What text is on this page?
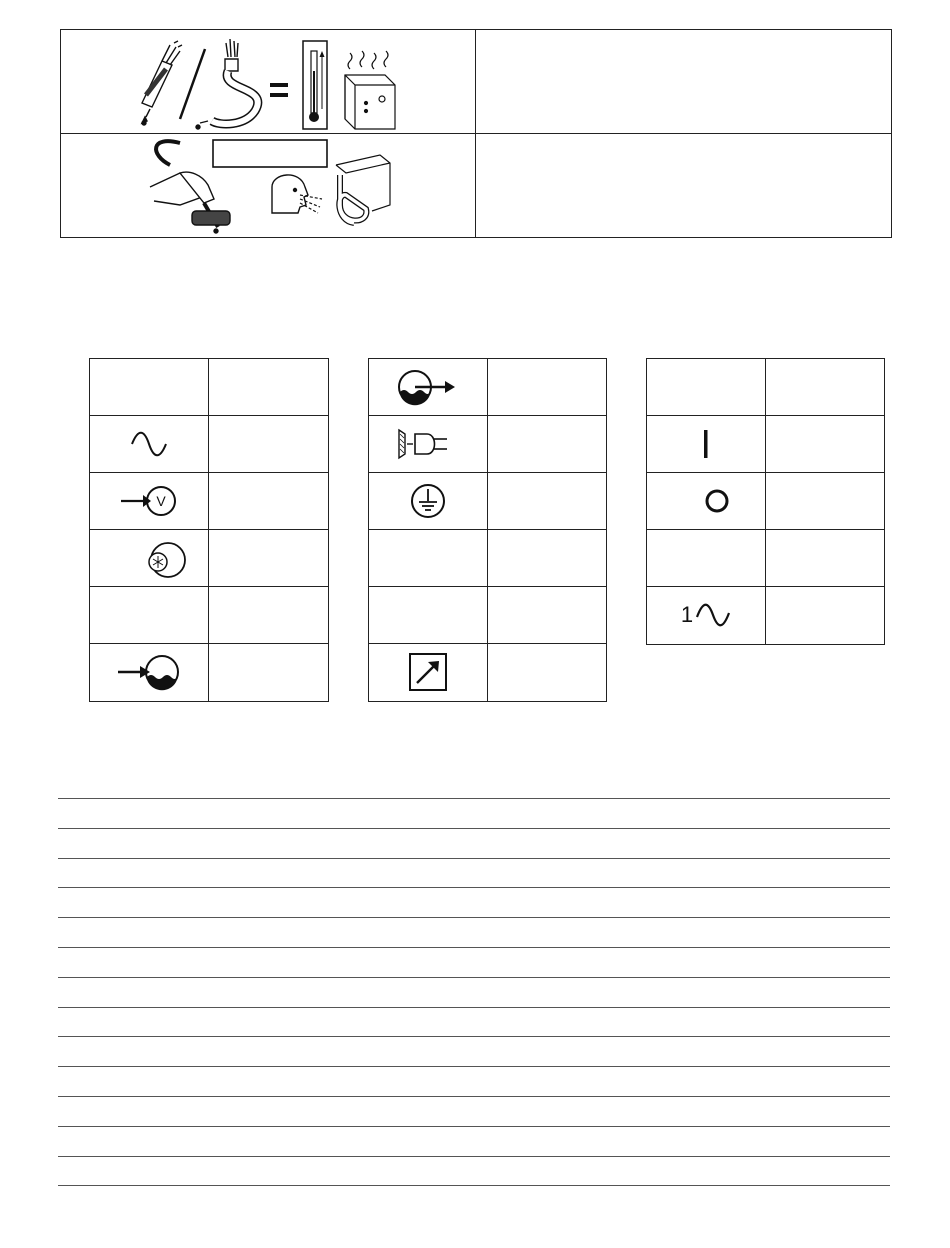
V
1
